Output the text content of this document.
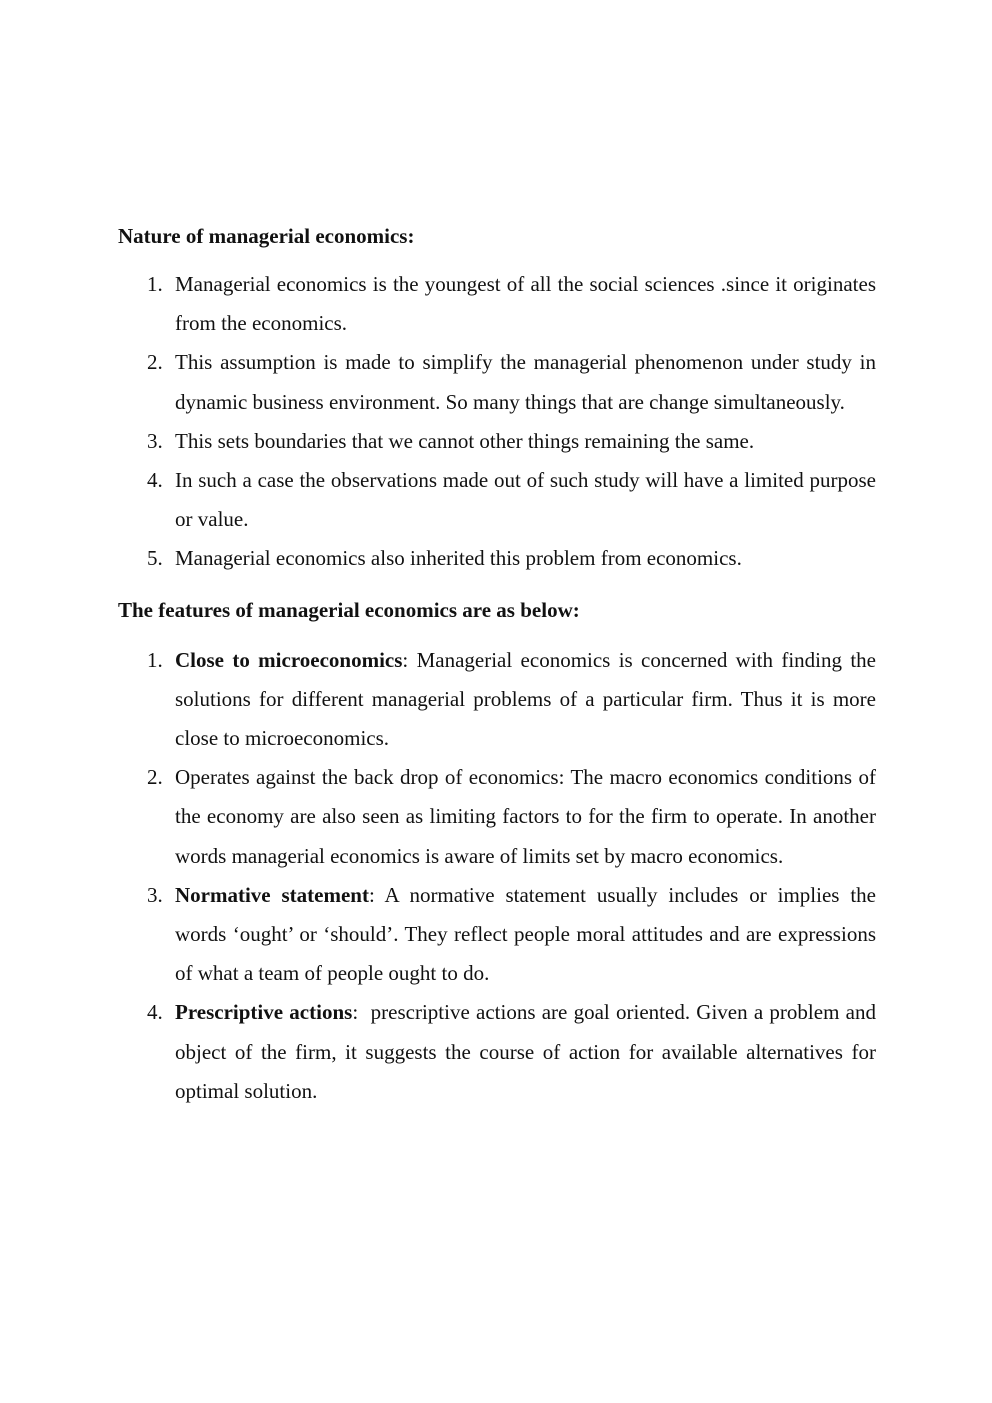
Nature of managerial economics:

1. Managerial economics is the youngest of all the social sciences .since it originates from the economics.
2. This assumption is made to simplify the managerial phenomenon under study in dynamic business environment. So many things that are change simultaneously.
3. This sets boundaries that we cannot other things remaining the same.
4. In such a case the observations made out of such study will have a limited purpose or value.
5. Managerial economics also inherited this problem from economics.

The features of managerial economics are as below:

1. Close to microeconomics: Managerial economics is concerned with finding the solutions for different managerial problems of a particular firm. Thus it is more close to microeconomics.
2. Operates against the back drop of economics: The macro economics conditions of the economy are also seen as limiting factors to for the firm to operate. In another words managerial economics is aware of limits set by macro economics.
3. Normative statement: A normative statement usually includes or implies the words ‘ought’ or ‘should’. They reflect people moral attitudes and are expressions of what a team of people ought to do.
4. Prescriptive actions:  prescriptive actions are goal oriented. Given a problem and object of the firm, it suggests the course of action for available alternatives for optimal solution.
